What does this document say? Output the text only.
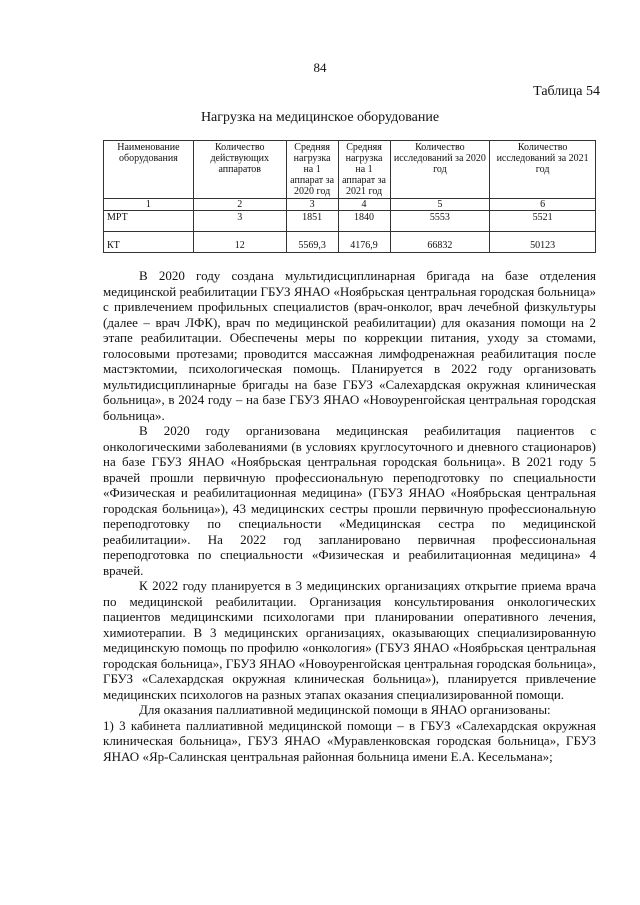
84
Таблица 54
Нагрузка на медицинское оборудование
Наименование оборудования	Количество действующих аппаратов	Средняя нагрузка на 1 аппарат за 2020 год	Средняя нагрузка на 1 аппарат за 2021 год	Количество исследований за 2020 год	Количество исследований за 2021 год
1	2	3	4	5	6
МРТ	3	1851	1840	5553	5521
КТ	12	5569,3	4176,9	66832	50123

В 2020 году создана мультидисциплинарная бригада на базе отделения медицинской реабилитации ГБУЗ ЯНАО «Ноябрьская центральная городская больница» с привлечением профильных специалистов (врач-онколог, врач лечебной физкультуры (далее – врач ЛФК), врач по медицинской реабилитации) для оказания помощи на 2 этапе реабилитации. Обеспечены меры по коррекции питания, уходу за стомами, голосовыми протезами; проводится массажная лимфодренажная реабилитация после мастэктомии, психологическая помощь. Планируется в 2022 году организовать мультидисциплинарные бригады на базе ГБУЗ «Салехардская окружная клиническая больница», в 2024 году – на базе ГБУЗ ЯНАО «Новоуренгойская центральная городская больница».

В 2020 году организована медицинская реабилитация пациентов с онкологическими заболеваниями (в условиях круглосуточного и дневного стационаров) на базе ГБУЗ ЯНАО «Ноябрьская центральная городская больница». В 2021 году 5 врачей прошли первичную профессиональную переподготовку по специальности «Физическая и реабилитационная медицина» (ГБУЗ ЯНАО «Ноябрьская центральная городская больница»), 43 медицинских сестры прошли первичную профессиональную переподготовку по специальности «Медицинская сестра по медицинской реабилитации». На 2022 год запланировано первичная профессиональная переподготовка по специальности «Физическая и реабилитационная медицина» 4 врачей.

К 2022 году планируется в 3 медицинских организациях открытие приема врача по медицинской реабилитации. Организация консультирования онкологических пациентов медицинскими психологами при планировании оперативного лечения, химиотерапии. В 3 медицинских организациях, оказывающих специализированную медицинскую помощь по профилю «онкология» (ГБУЗ ЯНАО «Ноябрьская центральная городская больница», ГБУЗ ЯНАО «Новоуренгойская центральная городская больница», ГБУЗ «Салехардская окружная клиническая больница»), планируется привлечение медицинских психологов на разных этапах оказания специализированной помощи.

Для оказания паллиативной медицинской помощи в ЯНАО организованы:

1) 3 кабинета паллиативной медицинской помощи – в ГБУЗ «Салехардская окружная клиническая больница», ГБУЗ ЯНАО «Муравленковская городская больница», ГБУЗ ЯНАО «Яр-Салинская центральная районная больница имени Е.А. Кесельмана»;
